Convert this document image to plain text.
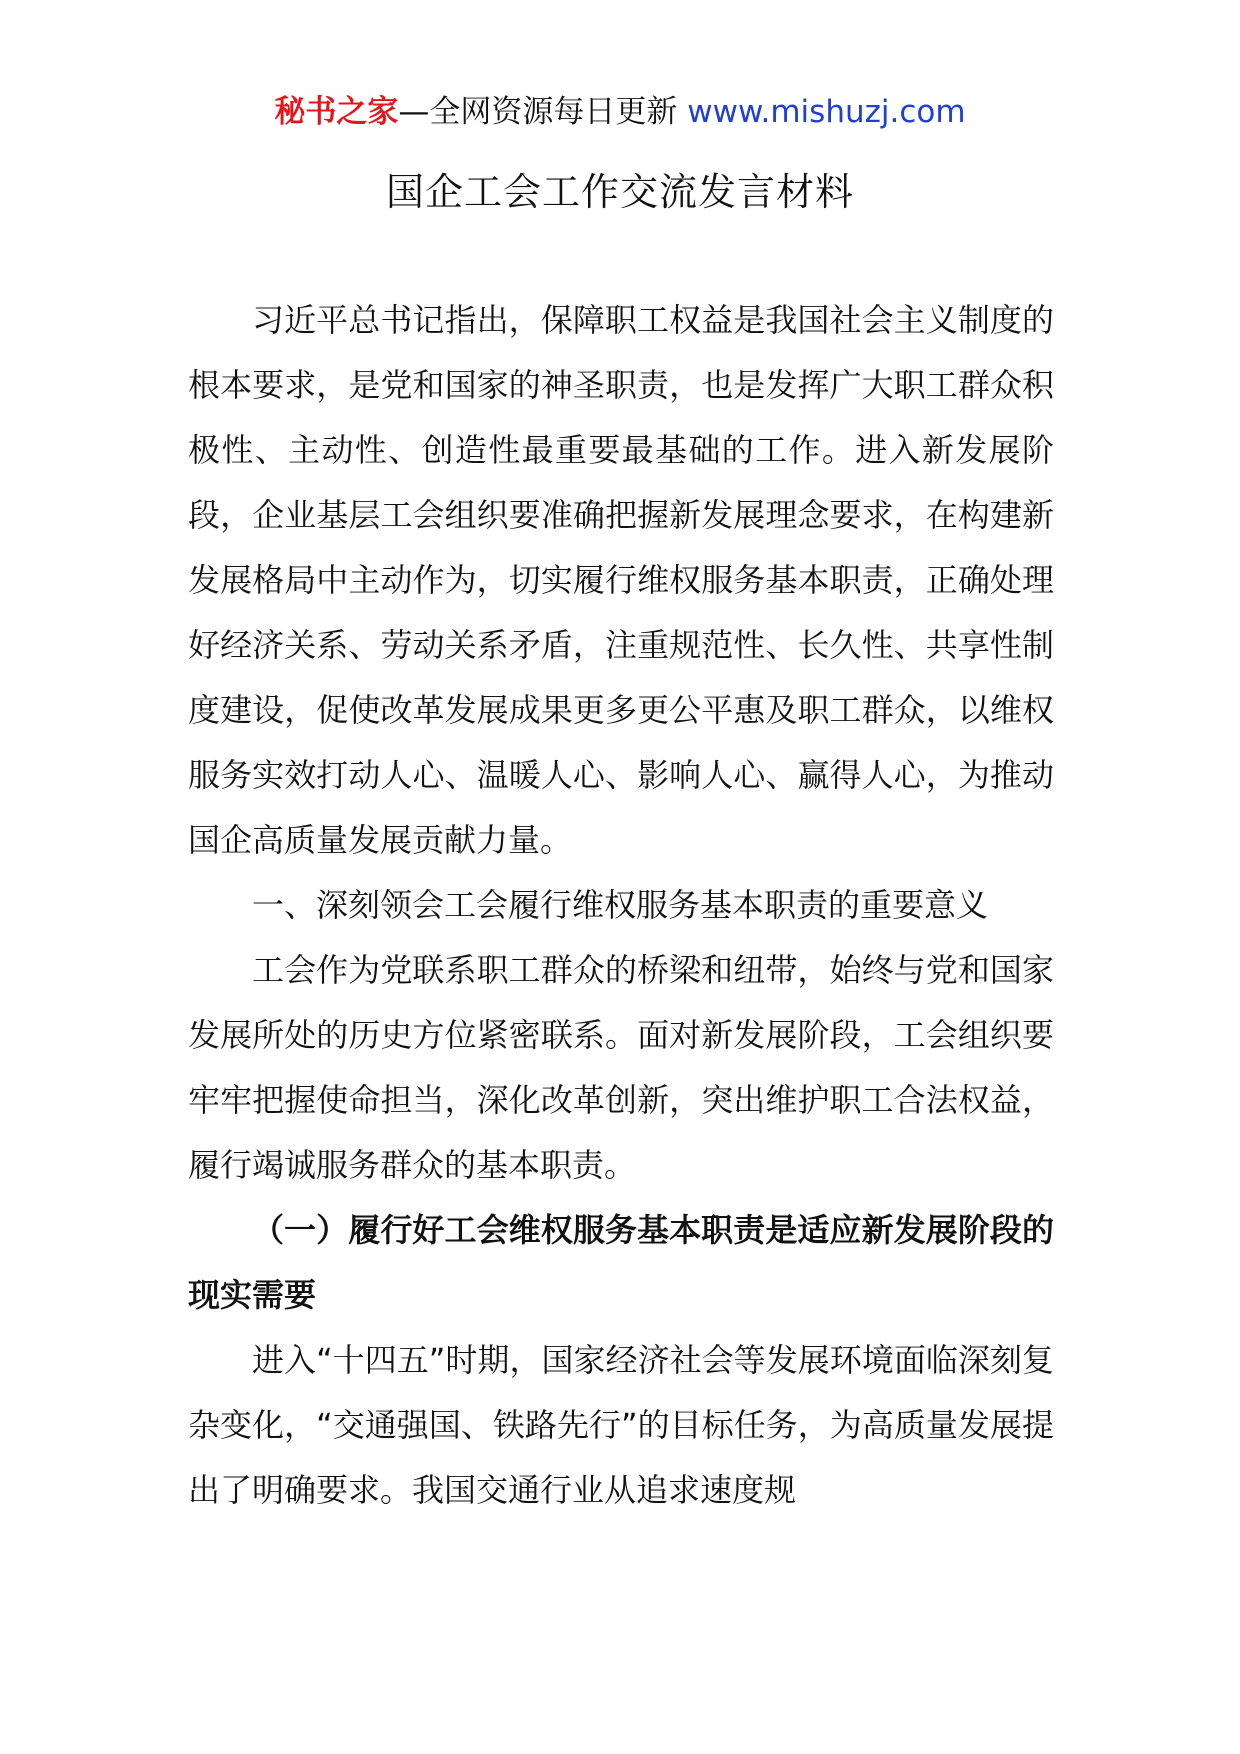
秘书之家—全网资源每日更新 www.mishuzj.com
国企工会工作交流发言材料

习近平总书记指出，保障职工权益是我国社会主义制度的根本要求，是党和国家的神圣职责，也是发挥广大职工群众积极性、主动性、创造性最重要最基础的工作。进入新发展阶段，企业基层工会组织要准确把握新发展理念要求，在构建新发展格局中主动作为，切实履行维权服务基本职责，正确处理好经济关系、劳动关系矛盾，注重规范性、长久性、共享性制度建设，促使改革发展成果更多更公平惠及职工群众，以维权服务实效打动人心、温暖人心、影响人心、赢得人心，为推动国企高质量发展贡献力量。

一、深刻领会工会履行维权服务基本职责的重要意义

工会作为党联系职工群众的桥梁和纽带，始终与党和国家发展所处的历史方位紧密联系。面对新发展阶段，工会组织要牢牢把握使命担当，深化改革创新，突出维护职工合法权益，履行竭诚服务群众的基本职责。

（一）履行好工会维权服务基本职责是适应新发展阶段的现实需要

进入“十四五”时期，国家经济社会等发展环境面临深刻复杂变化，“交通强国、铁路先行”的目标任务，为高质量发展提出了明确要求。我国交通行业从追求速度规
